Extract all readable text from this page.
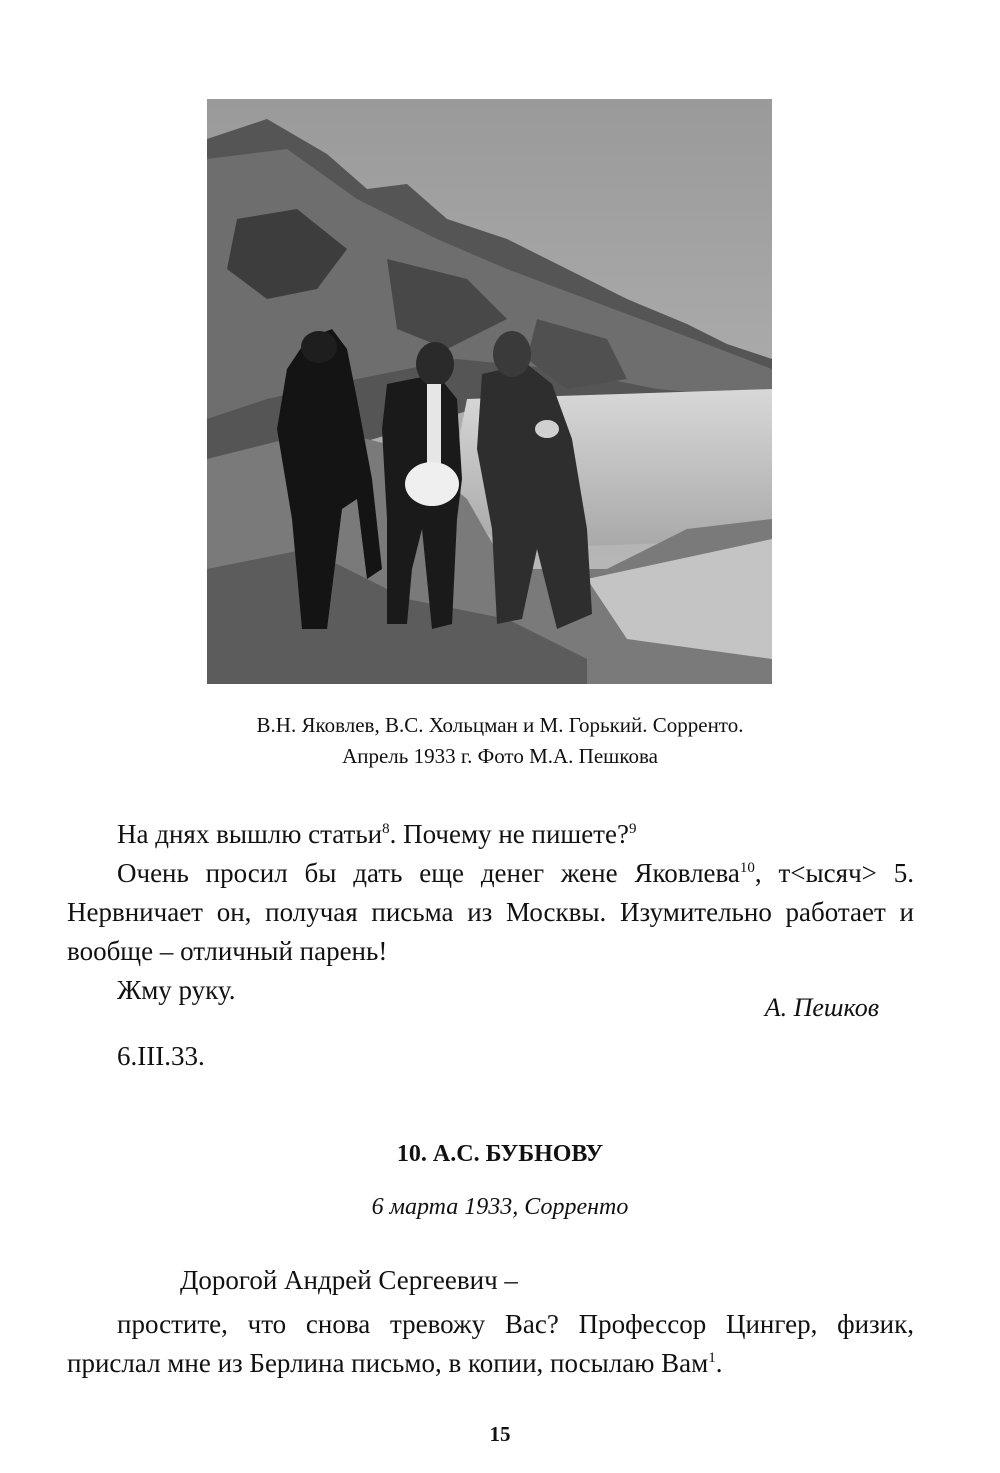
В.Н. Яковлев, В.С. Хольцман и М. Горький. Сорренто.
Апрель 1933 г. Фото М.А. Пешкова

На днях вышлю статьи$^8$. Почему не пишете?$^9$

Очень просил бы дать еще денег жене Яковлева$^{10}$, т<ысяч> 5. Нервничает он, получая письма из Москвы. Изумительно работает и вообще – отличный парень!

Жму руку.

А. Пешков
6.III.33.
10. А.С. БУБНОВУ
6 марта 1933, Сорренто
Дорогой Андрей Сергеевич –

простите, что снова тревожу Вас? Профессор Цингер, физик, прислал мне из Берлина письмо, в копии, посылаю Вам$^1$.

15
